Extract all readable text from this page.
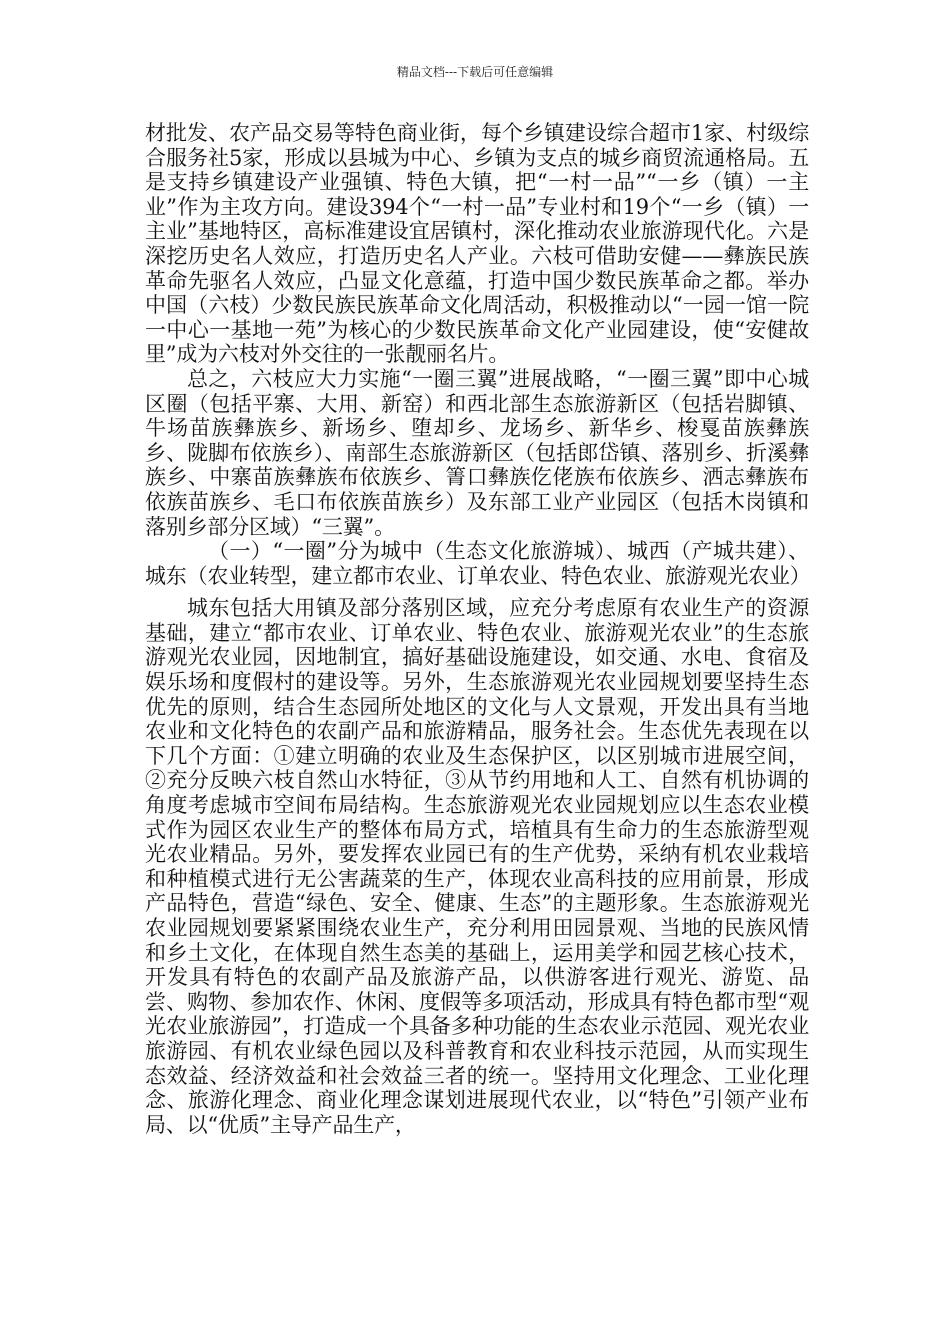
精品文档---下载后可任意编辑

材批发、农产品交易等特色商业街，每个乡镇建设综合超市1家、村级综合服务社5家，形成以县城为中心、乡镇为支点的城乡商贸流通格局。五是支持乡镇建设产业强镇、特色大镇，把“一村一品”“一乡（镇）一主业”作为主攻方向。建设394个“一村一品”专业村和19个“一乡（镇）一主业”基地特区，高标准建设宜居镇村，深化推动农业旅游现代化。六是深挖历史名人效应，打造历史名人产业。六枝可借助安健——彝族民族革命先驱名人效应，凸显文化意蕴，打造中国少数民族革命之都。举办中国（六枝）少数民族民族革命文化周活动，积极推动以“一园一馆一院一中心一基地一苑”为核心的少数民族革命文化产业园建设，使“安健故里”成为六枝对外交往的一张靓丽名片。

总之，六枝应大力实施“一圈三翼”进展战略，“一圈三翼”即中心城区圈（包括平寨、大用、新窑）和西北部生态旅游新区（包括岩脚镇、牛场苗族彝族乡、新场乡、堕却乡、龙场乡、新华乡、梭戛苗族彝族乡、陇脚布依族乡）、南部生态旅游新区（包括郎岱镇、落别乡、折溪彝族乡、中寨苗族彝族布依族乡、箐口彝族仡佬族布依族乡、洒志彝族布依族苗族乡、毛口布依族苗族乡）及东部工业产业园区（包括木岗镇和落别乡部分区域）“三翼”。

（一）“一圈”分为城中（生态文化旅游城）、城西（产城共建）、城东（农业转型，建立都市农业、订单农业、特色农业、旅游观光农业）

城东包括大用镇及部分落别区域，应充分考虑原有农业生产的资源基础，建立“都市农业、订单农业、特色农业、旅游观光农业”的生态旅游观光农业园，因地制宜，搞好基础设施建设，如交通、水电、食宿及娱乐场和度假村的建设等。另外，生态旅游观光农业园规划要坚持生态优先的原则，结合生态园所处地区的文化与人文景观，开发出具有当地农业和文化特色的农副产品和旅游精品，服务社会。生态优先表现在以下几个方面：①建立明确的农业及生态保护区，以区别城市进展空间，②充分反映六枝自然山水特征，③从节约用地和人工、自然有机协调的角度考虑城市空间布局结构。生态旅游观光农业园规划应以生态农业模式作为园区农业生产的整体布局方式，培植具有生命力的生态旅游型观光农业精品。另外，要发挥农业园已有的生产优势，采纳有机农业栽培和种植模式进行无公害蔬菜的生产，体现农业高科技的应用前景，形成产品特色，营造“绿色、安全、健康、生态”的主题形象。生态旅游观光农业园规划要紧紧围绕农业生产，充分利用田园景观、当地的民族风情和乡土文化，在体现自然生态美的基础上，运用美学和园艺核心技术，开发具有特色的农副产品及旅游产品，以供游客进行观光、游览、品尝、购物、参加农作、休闲、度假等多项活动，形成具有特色都市型“观光农业旅游园”，打造成一个具备多种功能的生态农业示范园、观光农业旅游园、有机农业绿色园以及科普教育和农业科技示范园，从而实现生态效益、经济效益和社会效益三者的统一。坚持用文化理念、工业化理念、旅游化理念、商业化理念谋划进展现代农业，以“特色”引领产业布局、以“优质”主导产品生产，
